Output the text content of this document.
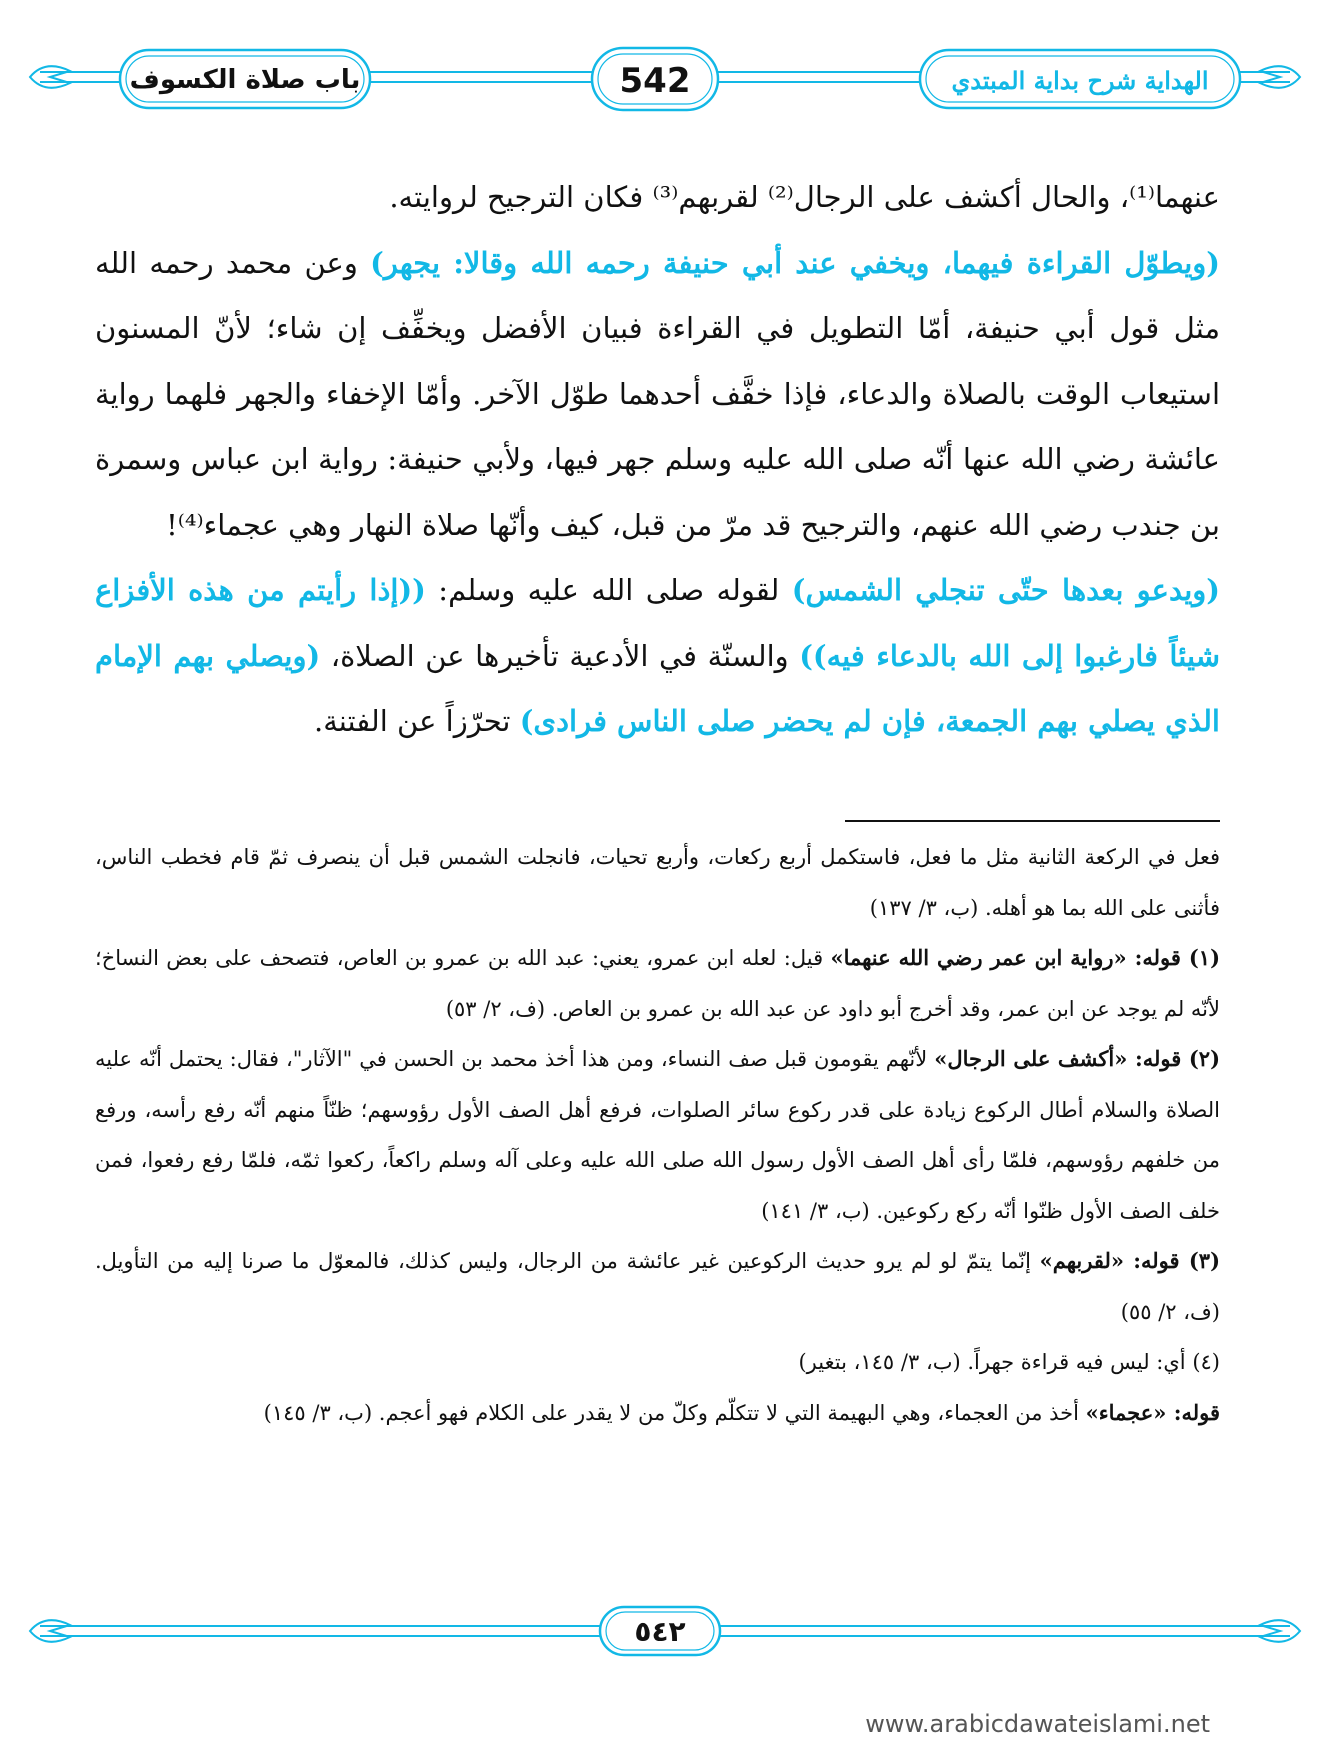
باب صلاة الكسوف	542	الهداية شرح بداية المبتدي

عنهما⁽¹⁾، والحال أكشف على الرجال⁽²⁾ لقربهم⁽³⁾ فكان الترجيح لروايته.

(ويطوّل القراءة فيهما، ويخفي عند أبي حنيفة رحمه الله وقالا: يجهر) وعن محمد رحمه الله مثل قول أبي حنيفة، أمّا التطويل في القراءة فبيان الأفضل ويخفِّف إن شاء؛ لأنّ المسنون استيعاب الوقت بالصلاة والدعاء، فإذا خفَّف أحدهما طوّل الآخر. وأمّا الإخفاء والجهر فلهما رواية عائشة رضي الله عنها أنّه صلى الله عليه وسلم جهر فيها، ولأبي حنيفة: رواية ابن عباس وسمرة بن جندب رضي الله عنهم، والترجيح قد مرّ من قبل، كيف وأنّها صلاة النهار وهي عجماء⁽⁴⁾!

(ويدعو بعدها حتّى تنجلي الشمس) لقوله صلى الله عليه وسلم: ((إذا رأيتم من هذه الأفزاع شيئاً فارغبوا إلى الله بالدعاء فيه)) والسنّة في الأدعية تأخيرها عن الصلاة، (ويصلي بهم الإمام الذي يصلي بهم الجمعة، فإن لم يحضر صلى الناس فرادى) تحرّزاً عن الفتنة.

فعل في الركعة الثانية مثل ما فعل، فاستكمل أربع ركعات، وأربع تحيات، فانجلت الشمس قبل أن ينصرف ثمّ قام فخطب الناس، فأثنى على الله بما هو أهله. (ب، ٣/ ١٣٧)

(١) قوله: «رواية ابن عمر رضي الله عنهما» قيل: لعله ابن عمرو، يعني: عبد الله بن عمرو بن العاص، فتصحف على بعض النساخ؛ لأنّه لم يوجد عن ابن عمر، وقد أخرج أبو داود عن عبد الله بن عمرو بن العاص. (ف، ٢/ ٥٣)

(٢) قوله: «أكشف على الرجال» لأنّهم يقومون قبل صف النساء، ومن هذا أخذ محمد بن الحسن في "الآثار"، فقال: يحتمل أنّه عليه الصلاة والسلام أطال الركوع زيادة على قدر ركوع سائر الصلوات، فرفع أهل الصف الأول رؤوسهم؛ ظنّاً منهم أنّه رفع رأسه، ورفع من خلفهم رؤوسهم، فلمّا رأى أهل الصف الأول رسول الله صلى الله عليه وعلى آله وسلم راكعاً، ركعوا ثمّه، فلمّا رفع رفعوا، فمن خلف الصف الأول ظنّوا أنّه ركع ركوعين. (ب، ٣/ ١٤١)

(٣) قوله: «لقربهم» إنّما يتمّ لو لم يرو حديث الركوعين غير عائشة من الرجال، وليس كذلك، فالمعوّل ما صرنا إليه من التأويل. (ف، ٢/ ٥٥)

(٤) أي: ليس فيه قراءة جهراً. (ب، ٣/ ١٤٥، بتغير)

قوله: «عجماء» أخذ من العجماء، وهي البهيمة التي لا تتكلّم وكلّ من لا يقدر على الكلام فهو أعجم. (ب، ٣/ ١٤٥)

٥٤٢
www.arabicdawateislami.net
